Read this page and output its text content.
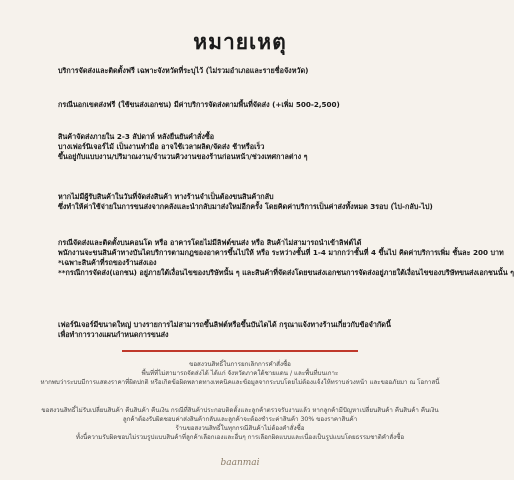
หมายเหตุ
บริการจัดส่งและติดตั้งฟรี เฉพาะจังหวัดที่ระบุไว้ (ไม่รวมอำเภอและรายชื่อจังหวัด)
กรณีนอกเขตส่งฟรี (ใช้ขนส่งเอกชน) มีค่าบริการจัดส่งตามพื้นที่จัดส่ง (+เพิ่ม 500-2,500)
สินค้าจัดส่งภายใน 2-3 สัปดาห์ หลังยืนยันคำสั่งซื้อ
บางเฟอร์นิเจอร์ไม้ เป็นงานทำมือ อาจใช้เวลาผลิต/จัดส่ง ช้าหรือเร็ว
ขึ้นอยู่กับแบบงาน/ปริมาณงาน/จำนวนคิวงานของร้านก่อนหน้า/ช่วงเทศกาลต่าง ๆ
หากไม่มีผู้รับสินค้าในวันที่จัดส่งสินค้า ทางร้านจำเป็นต้องขนสินค้ากลับ
ซึ่งทำให้ค่าใช้จ่ายในการขนส่งจากคลังและนำกลับมาส่งใหม่อีกครั้ง โดยคิดค่าบริการเป็นค่าส่งทั้งหมด 3รอบ (ไป-กลับ-ไป)
กรณีจัดส่งและติดตั้งบนคอนโด หรือ อาคารโดยไม่มีลิฟต์ขนส่ง หรือ สินค้าไม่สามารถนำเข้าลิฟต์ได้
พนักงานจะขนสินค้าทางบันไดบริการตามกฎของอาคารขึ้นไปให้ หรือ ระหว่างชั้นที่ 1-4 มากกว่าชั้นที่ 4 ขึ้นไป คิดค่าบริการเพิ่ม ชั้นละ 200 บาท
*เฉพาะสินค้าที่รถของร้านส่งเอง
**กรณีการจัดส่ง(เอกชน) อยู่ภายใต้เงื่อนไขของบริษัทนั้น ๆ และสินค้าที่จัดส่งโดยขนส่งเอกชนการจัดส่งอยู่ภายใต้เงื่อนไขของบริษัทขนส่งเอกชนนั้น ๆ
เฟอร์นิเจอร์มีขนาดใหญ่ บางรายการไม่สามารถขึ้นลิฟต์หรือขึ้นบันไดได้ กรุณาแจ้งทางร้านเกี่ยวกับข้อจำกัดนี้
เพื่อทำการวางแผนกำหนดการขนส่ง
ขอสงวนสิทธิ์ในการยกเลิกการคำสั่งซื้อ
พื้นที่ที่ไม่สามารถจัดส่งได้ ได้แก่ จังหวัดภาคใต้ชายแดน / และพื้นที่บนเกาะ
หากพบว่าระบบมีการแสดงราคาที่ผิดปกติ หรือเกิดข้อผิดพลาดทางเทคนิคและข้อมูลจากระบบโดยไม่ต้องแจ้งให้ทราบล่วงหน้า และขออภัยมา ณ โอกาสนี้
ขอสงวนสิทธิ์ไม่รับเปลี่ยนสินค้า คืนสินค้า คืนเงิน กรณีที่สินค้าประกอบติดตั้งและลูกค้าตรวจรับงานแล้ว หากลูกค้ามีปัญหาเปลี่ยนสินค้า คืนสินค้า คืนเงิน
ลูกค้าต้องรับผิดชอบค่าส่งสินค้ากลับและลูกค้าจะต้องชำระค่าสินค้า 30% ของราคาสินค้า
ร้านขอสงวนสิทธิ์ในทุกกรณีสินค้าไม่ต้องคำสั่งซื้อ
ทั้งนี้ความรับผิดชอบไม่รวมรูปแบบสินค้าที่ลูกค้าเลือกเองและอื่นๆ การเลือกผิดแบบและเนื่องเป็นรูปแบบโดยธรรมชาติคำสั่งซื้อ
baanmai
